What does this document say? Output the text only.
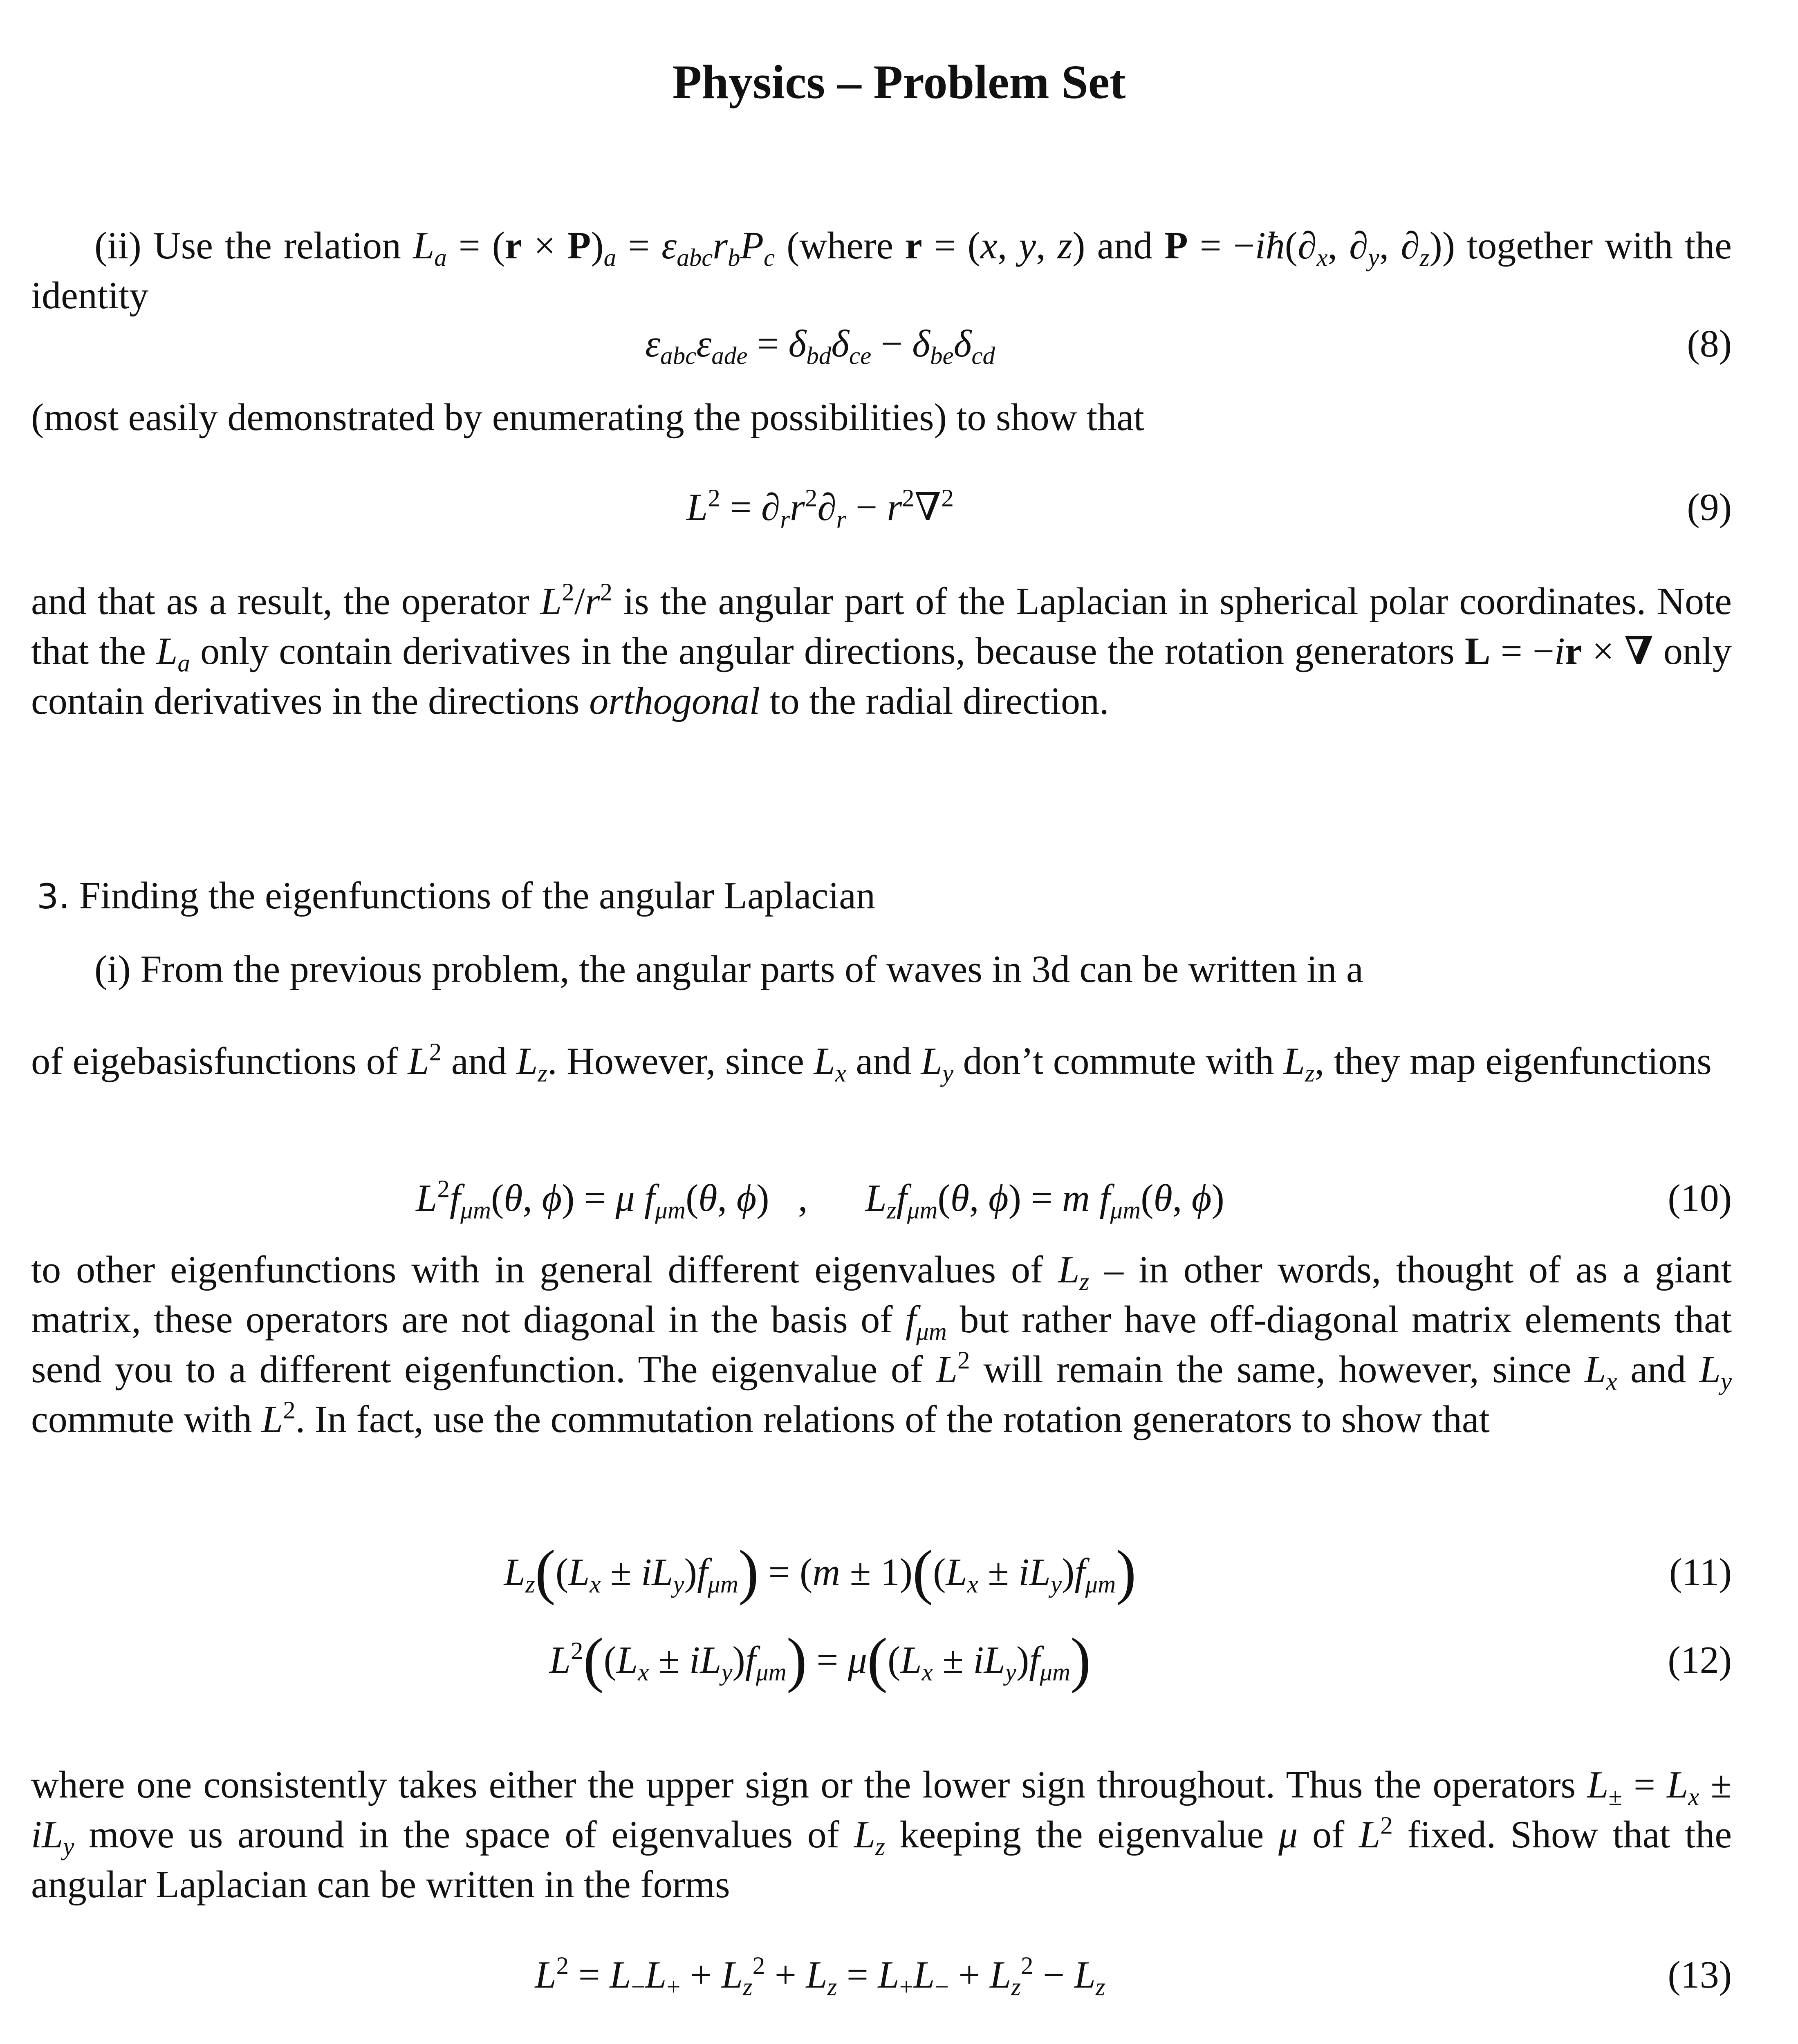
Physics – Problem Set
(ii) Use the relation $L_a = (r \times P)_a = \varepsilon_{abc}r_bP_c$ (where r = (x, y, z) and $P = -iħ(\partial_x$, $\partial_y$, $\partial_z$)) together with the identity
$\varepsilon_{abc}\varepsilon_{ade} = \delta_{bd}\delta_{ce} - \delta_{be}\delta_{cd}$	(8)
(most easily demonstrated by enumerating the possibilities) to show that
$L^2 = \partial_rr^2\partial_r - r^2\nabla^2$	(9)
and that as a result, the operator $L^2/r^2$ is the angular part of the Laplacian in spherical polar coordinates. Note that the $L_a$ only contain derivatives in the angular directions, because the rotation generators L = −ir × ∇ only contain derivatives in the directions orthogonal to the radial direction.
3. Finding the eigenfunctions of the angular Laplacian
(i) From the previous problem, the angular parts of waves in 3d can be written in a
of eigebasisfunctions of $L^2$ and $L_z$. However, since $L_x$ and $L_y$ don’t commute with $L_z$, they map eigenfunctions
$L^2f_{\mu m}(\theta$, ϕ) = μ $f_{\mu m}(\theta$, ϕ)   ,      $L_zf_{\mu m}(\theta$, ϕ) = m $f_{\mu m}(\theta$, ϕ)	(10)
to other eigenfunctions with in general different eigenvalues of $L_z$ – in other words, thought of as a giant matrix, these operators are not diagonal in the basis of $f_{\mu m}$ but rather have off-diagonal matrix elements that send you to a different eigenfunction. The eigenvalue of $L^2$ will remain the same, however, since $L_x$ and $L_y$ commute with $L^2$. In fact, use the commutation relations of the rotation generators to show that
$L_z((L_x \pm iL_y)f_{\mu m}) = (m \pm 1)((L_x \pm iL_y)f_{\mu m})$	(11)
$L^2((L_x \pm iL_y)f_{\mu m}) = \mu((L_x \pm iL_y)f_{\mu m})$	(12)
where one consistently takes either the upper sign or the lower sign throughout. Thus the operators $L_\pm = L_x \pm iL_y$ move us around in the space of eigenvalues of $L_z$ keeping the eigenvalue μ of $L^2$ fixed. Show that the angular Laplacian can be written in the forms
$L^2 = L_-L_+ + L_z^2 + L_z = L_+L_- + L_z^2 - L_z$	(13)
